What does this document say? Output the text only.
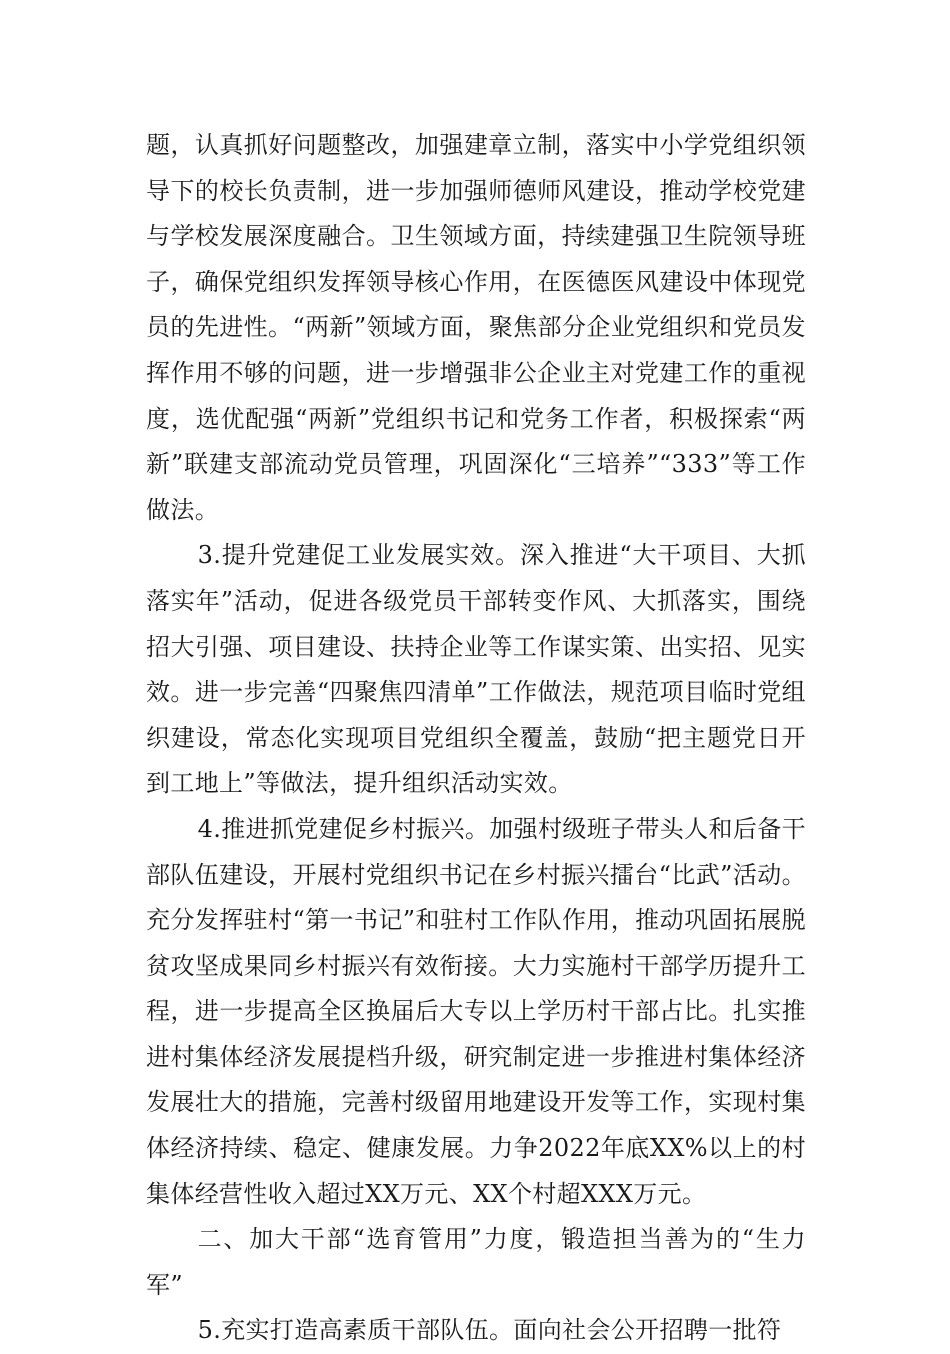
题，认真抓好问题整改，加强建章立制，落实中小学党组织领导下的校长负责制，进一步加强师德师风建设，推动学校党建与学校发展深度融合。卫生领域方面，持续建强卫生院领导班子，确保党组织发挥领导核心作用，在医德医风建设中体现党员的先进性。“两新”领域方面，聚焦部分企业党组织和党员发挥作用不够的问题，进一步增强非公企业主对党建工作的重视度，选优配强“两新”党组织书记和党务工作者，积极探索“两新”联建支部流动党员管理，巩固深化“三培养”“333”等工作做法。

3.提升党建促工业发展实效。深入推进“大干项目、大抓落实年”活动，促进各级党员干部转变作风、大抓落实，围绕招大引强、项目建设、扶持企业等工作谋实策、出实招、见实效。进一步完善“四聚焦四清单”工作做法，规范项目临时党组织建设，常态化实现项目党组织全覆盖，鼓励“把主题党日开到工地上”等做法，提升组织活动实效。

4.推进抓党建促乡村振兴。加强村级班子带头人和后备干部队伍建设，开展村党组织书记在乡村振兴擂台“比武”活动。充分发挥驻村“第一书记”和驻村工作队作用，推动巩固拓展脱贫攻坚成果同乡村振兴有效衔接。大力实施村干部学历提升工程，进一步提高全区换届后大专以上学历村干部占比。扎实推进村集体经济发展提档升级，研究制定进一步推进村集体经济发展壮大的措施，完善村级留用地建设开发等工作，实现村集体经济持续、稳定、健康发展。力争2022年底XX%以上的村集体经营性收入超过XX万元、XX个村超XXX万元。

二、加大干部“选育管用”力度，锻造担当善为的“生力军”

5.充实打造高素质干部队伍。面向社会公开招聘一批符
